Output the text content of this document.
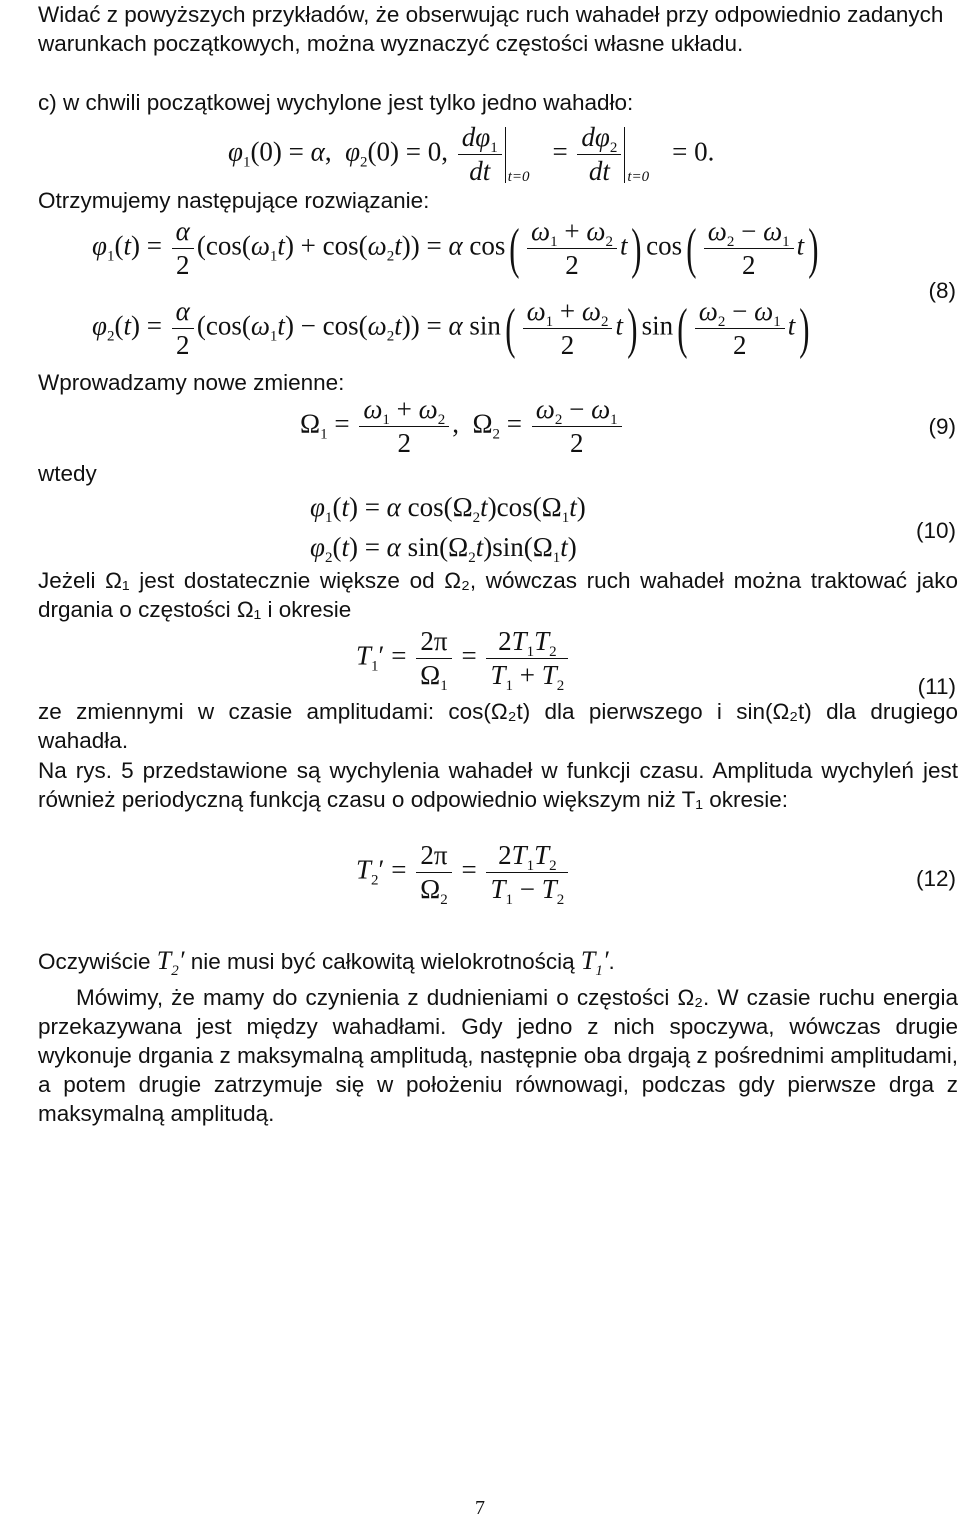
Widać z powyższych przykładów, że obserwując ruch wahadeł przy odpowiednio zadanych warunkach początkowych, można wyznaczyć częstości własne układu.

c) w chwili początkowej wychylone jest tylko jedno wahadło:

$\varphi_1(0) = \alpha$,  $\varphi_2(0) = 0$, $\frac{d\varphi_1}{dt} t=0$
= $\frac{d\varphi_2}{dt} t=0$
= 0.

Otrzymujemy następujące rozwiązanie:

$\varphi_1(t) = \frac{\alpha}{2} (\cos(\omega_1t) + \cos(\omega_2t)) = \alpha$ $\cos( \frac{\omega_1 + \omega_2}{2} t)$ $\cos( \frac{\omega_2 - \omega_1}{2} t)$
$\varphi_2(t) = \frac{\alpha}{2} (\cos(\omega_1t) - \cos(\omega_2t)) = \alpha$ $\sin( \frac{\omega_1 + \omega_2}{2} t)$ $\sin( \frac{\omega_2 - \omega_1}{2} t)$
(8)

Wprowadzamy nowe zmienne:

$\Omega_1 = \frac{\omega_1 + \omega_2}{2}$ ,  $\Omega_2 = \frac{\omega_2 - \omega_1}{2}$	(9)

wtedy

$\varphi_1(t) = \alpha$ $\cos(\Omega_2t)\cos(\Omega_1t)$
$\varphi_2(t) = \alpha$ $\sin(\Omega_2t)\sin(\Omega_1t)$
(10)

Jeżeli Ω₁ jest dostatecznie większe od Ω₂, wówczas ruch wahadeł można traktować jako drgania o częstości Ω₁ i okresie

$T_1' = \frac{2\pi}{\Omega_1} = \frac{2T_1T_2}{T_1 + T_2}$	(11)

ze zmiennymi w czasie amplitudami: cos(Ω₂t) dla pierwszego i sin(Ω₂t) dla drugiego wahadła.

Na rys. 5 przedstawione są wychylenia wahadeł w funkcji czasu. Amplituda wychyleń jest również periodyczną funkcją czasu o odpowiednio większym niż T₁ okresie:

$T_2' = \frac{2\pi}{\Omega_2} = \frac{2T_1T_2}{T_1 - T_2}$	(12)

Oczywiście $T_2'$ nie musi być całkowitą wielokrotnością $T_1'$.

Mówimy, że mamy do czynienia z dudnieniami o częstości Ω₂. W czasie ruchu energia przekazywana jest między wahadłami. Gdy jedno z nich spoczywa, wówczas drugie wykonuje drgania z maksymalną amplitudą, następnie oba drgają z pośrednimi amplitudami, a potem drugie zatrzymuje się w położeniu równowagi, podczas gdy pierwsze drga z maksymalną amplitudą.

7
